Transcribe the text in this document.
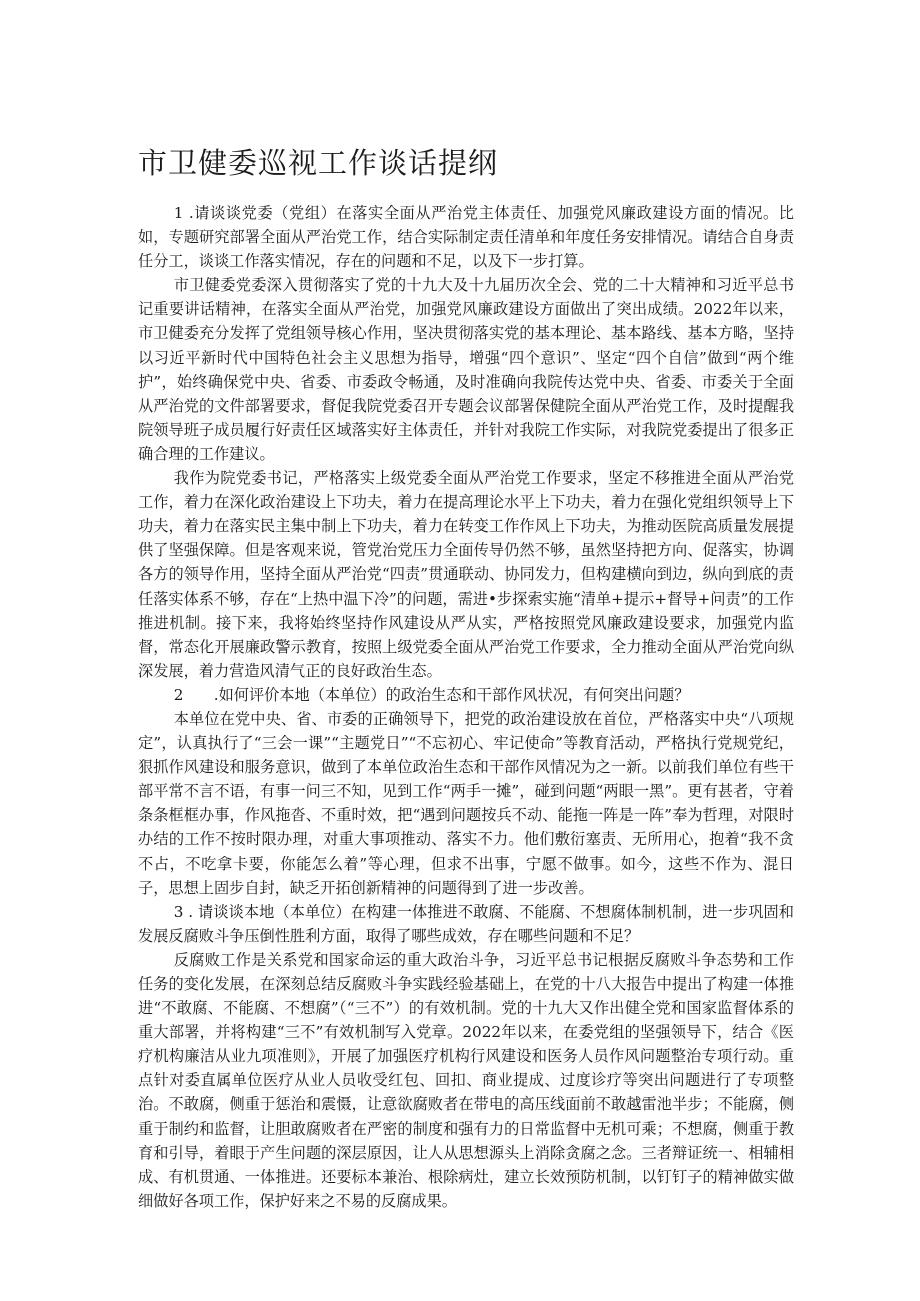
市卫健委巡视工作谈话提纲

1 .请谈谈党委（党组）在落实全面从严治党主体责任、加强党风廉政建设方面的情况。比如，专题研究部署全面从严治党工作，结合实际制定责任清单和年度任务安排情况。请结合自身责任分工，谈谈工作落实情况，存在的问题和不足，以及下一步打算。

市卫健委党委深入贯彻落实了党的十九大及十九届历次全会、党的二十大精神和习近平总书记重要讲话精神，在落实全面从严治党，加强党风廉政建设方面做出了突出成绩。2022年以来，市卫健委充分发挥了党组领导核心作用，坚决贯彻落实党的基本理论、基本路线、基本方略，坚持以习近平新时代中国特色社会主义思想为指导，增强“四个意识”、坚定“四个自信”做到“两个维护”，始终确保党中央、省委、市委政令畅通，及时准确向我院传达党中央、省委、市委关于全面从严治党的文件部署要求，督促我院党委召开专题会议部署保健院全面从严治党工作，及时提醒我院领导班子成员履行好责任区域落实好主体责任，并针对我院工作实际，对我院党委提出了很多正确合理的工作建议。

我作为院党委书记，严格落实上级党委全面从严治党工作要求，坚定不移推进全面从严治党工作，着力在深化政治建设上下功夫，着力在提高理论水平上下功夫，着力在强化党组织领导上下功夫，着力在落实民主集中制上下功夫，着力在转变工作作风上下功夫，为推动医院高质量发展提供了坚强保障。但是客观来说，管党治党压力全面传导仍然不够，虽然坚持把方向、促落实，协调各方的领导作用，坚持全面从严治党“四责”贯通联动、协同发力，但构建横向到边，纵向到底的责任落实体系不够，存在“上热中温下冷”的问题，需进•步探索实施“清单+提示+督导+问责”的工作推进机制。接下来，我将始终坚持作风建设从严从实，严格按照党风廉政建设要求，加强党内监督，常态化开展廉政警示教育，按照上级党委全面从严治党工作要求，全力推动全面从严治党向纵深发展，着力营造风清气正的良好政治生态。

2　　.如何评价本地（本单位）的政治生态和干部作风状况，有何突出问题？

本单位在党中央、省、市委的正确领导下，把党的政治建设放在首位，严格落实中央“八项规定”，认真执行了“三会一课”“主题党日”“不忘初心、牢记使命”等教育活动，严格执行党规党纪，狠抓作风建设和服务意识，做到了本单位政治生态和干部作风情况为之一新。以前我们单位有些干部平常不言不语，有事一问三不知，见到工作“两手一摊”，碰到问题“两眼一黑”。更有甚者，守着条条框框办事，作风拖沓、不重时效，把“遇到问题按兵不动、能拖一阵是一阵”奉为哲理，对限时办结的工作不按时限办理，对重大事项推动、落实不力。他们敷衍塞责、无所用心，抱着“我不贪不占，不吃拿卡要，你能怎么着”等心理，但求不出事，宁愿不做事。如今，这些不作为、混日子，思想上固步自封，缺乏开拓创新精神的问题得到了进一步改善。

3 . 请谈谈本地（本单位）在构建一体推进不敢腐、不能腐、不想腐体制机制，进一步巩固和发展反腐败斗争压倒性胜利方面，取得了哪些成效，存在哪些问题和不足？

反腐败工作是关系党和国家命运的重大政治斗争，习近平总书记根据反腐败斗争态势和工作任务的变化发展，在深刻总结反腐败斗争实践经验基础上，在党的十八大报告中提出了构建一体推进“不敢腐、不能腐、不想腐”（“三不”）的有效机制。党的十九大又作出健全党和国家监督体系的重大部署，并将构建“三不”有效机制写入党章。2022年以来，在委党组的坚强领导下，结合《医疗机构廉洁从业九项准则》，开展了加强医疗机构行风建设和医务人员作风问题整治专项行动。重点针对委直属单位医疗从业人员收受红包、回扣、商业提成、过度诊疗等突出问题进行了专项整治。不敢腐，侧重于惩治和震慑，让意欲腐败者在带电的高压线面前不敢越雷池半步；不能腐，侧重于制约和监督，让胆敢腐败者在严密的制度和强有力的日常监督中无机可乘；不想腐，侧重于教育和引导，着眼于产生问题的深层原因，让人从思想源头上消除贪腐之念。三者辩证统一、相辅相成、有机贯通、一体推进。还要标本兼治、根除病灶，建立长效预防机制，以钉钉子的精神做实做细做好各项工作，保护好来之不易的反腐成果。
